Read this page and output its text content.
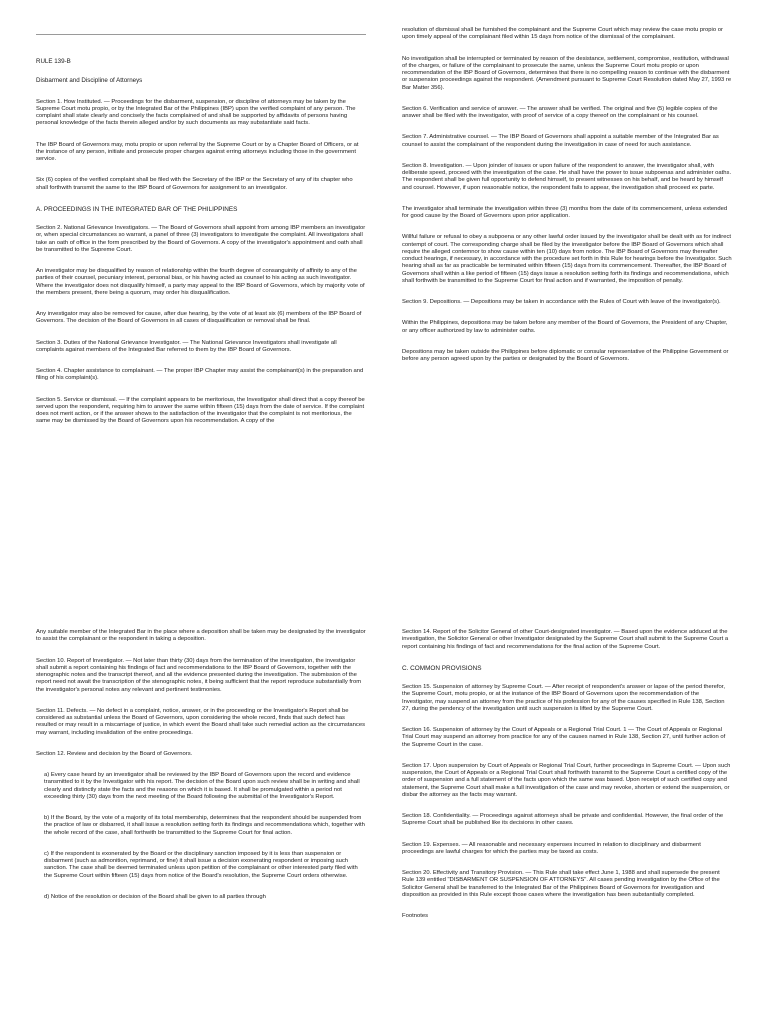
RULE 139-B

Disbarment and Discipline of Attorneys

Section 1. How Instituted. — Proceedings for the disbarment, suspension, or discipline of attorneys may be taken by the Supreme Court motu propio, or by the Integrated Bar of the Philippines (IBP) upon the verified complaint of any person. The complaint shall state clearly and concisely the facts complained of and shall be supported by affidavits of persons having personal knowledge of the facts therein alleged and/or by such documents as may substantiate said facts.

The IBP Board of Governors may, motu propio or upon referral by the Supreme Court or by a Chapter Board of Officers, or at the instance of any person, initiate and prosecute proper charges against erring attorneys including those in the government service.

Six (6) copies of the verified complaint shall be filed with the Secretary of the IBP or the Secretary of any of its chapter who shall forthwith transmit the same to the IBP Board of Governors for assignment to an investigator.

A. PROCEEDINGS IN THE INTEGRATED BAR OF THE PHILIPPINES

Section 2. National Grievance Investigators. — The Board of Governors shall appoint from among IBP members an investigator or, when special circumstances so warrant, a panel of three (3) investigators to investigate the complaint. All investigators shall take an oath of office in the form prescribed by the Board of Governors. A copy of the investigator's appointment and oath shall be transmitted to the Supreme Court.

An investigator may be disqualified by reason of relationship within the fourth degree of consanguinity of affinity to any of the parties of their counsel, pecuniary interest, personal bias, or his having acted as counsel to his acting as such investigator. Where the investigator does not disqualify himself, a party may appeal to the IBP Board of Governors, which by majority vote of the members present, there being a quorum, may order his disqualification.

Any investigator may also be removed for cause, after due hearing, by the vote of at least six (6) members of the IBP Board of Governors. The decision of the Board of Governors in all cases of disqualification or removal shall be final.

Section 3. Duties of the National Grievance Investigator. — The National Grievance Investigators shall investigate all complaints against members of the Integrated Bar referred to them by the IBP Board of Governors.

Section 4. Chapter assistance to complainant. — The proper IBP Chapter may assist the complainant(s) in the preparation and filing of his complaint(s).

Section 5. Service or dismissal. — If the complaint appears to be meritorious, the Investigator shall direct that a copy thereof be served upon the respondent, requiring him to answer the same within fifteen (15) days from the date of service. If the complaint does not merit action, or if the answer shows to the satisfaction of the investigator that the complaint is not meritorious, the same may be dismissed by the Board of Governors upon his recommendation. A copy of the

resolution of dismissal shall be furnished the complainant and the Supreme Court which may review the case motu propio or upon timely appeal of the complainant filed within 15 days from notice of the dismissal of the complainant.

No investigation shall be interrupted or terminated by reason of the desistance, settlement, compromise, restitution, withdrawal of the charges, or failure of the complainant to prosecute the same, unless the Supreme Court motu propio or upon recommendation of the IBP Board of Governors, determines that there is no compelling reason to continue with the disbarment or suspension proceedings against the respondent. (Amendment pursuant to Supreme Court Resolution dated May 27, 1993 re Bar Matter 356).

Section 6. Verification and service of answer. — The answer shall be verified. The original and five (5) legible copies of the answer shall be filed with the investigator, with proof of service of a copy thereof on the complainant or his counsel.

Section 7. Administrative counsel. — The IBP Board of Governors shall appoint a suitable member of the Integrated Bar as counsel to assist the complainant of the respondent during the investigation in case of need for such assistance.

Section 8. Investigation. — Upon joinder of issues or upon failure of the respondent to answer, the investigator shall, with deliberate speed, proceed with the investigation of the case. He shall have the power to issue subpoenas and administer oaths. The respondent shall be given full opportunity to defend himself, to present witnesses on his behalf, and be heard by himself and counsel. However, if upon reasonable notice, the respondent fails to appear, the investigation shall proceed ex parte.

The investigator shall terminate the investigation within three (3) months from the date of its commencement, unless extended for good cause by the Board of Governors upon prior application.

Willful failure or refusal to obey a subpoena or any other lawful order issued by the investigator shall be dealt with as for indirect contempt of court. The corresponding charge shall be filed by the investigator before the IBP Board of Governors which shall require the alleged contemnor to show cause within ten (10) days from notice. The IBP Board of Governors may thereafter conduct hearings, if necessary, in accordance with the procedure set forth in this Rule for hearings before the Investigator. Such hearing shall as far as practicable be terminated within fifteen (15) days from its commencement. Thereafter, the IBP Board of Governors shall within a like period of fifteen (15) days issue a resolution setting forth its findings and recommendations, which shall forthwith be transmitted to the Supreme Court for final action and if warranted, the imposition of penalty.

Section 9. Depositions. — Depositions may be taken in accordance with the Rules of Court with leave of the investigator(s).

Within the Philippines, depositions may be taken before any member of the Board of Governors, the President of any Chapter, or any officer authorized by law to administer oaths.

Depositions may be taken outside the Philippines before diplomatic or consular representative of the Philippine Government or before any person agreed upon by the parties or designated by the Board of Governors.

Any suitable member of the Integrated Bar in the place where a deposition shall be taken may be designated by the investigator to assist the complainant or the respondent in taking a deposition.

Section 10. Report of Investigator. — Not later than thirty (30) days from the termination of the investigation, the investigator shall submit a report containing his findings of fact and recommendations to the IBP Board of Governors, together with the stenographic notes and the transcript thereof, and all the evidence presented during the investigation. The submission of the report need not await the transcription of the stenographic notes, it being sufficient that the report reproduce substantially from the investigator's personal notes any relevant and pertinent testimonies.

Section 11. Defects. — No defect in a complaint, notice, answer, or in the proceeding or the Investigator's Report shall be considered as substantial unless the Board of Governors, upon considering the whole record, finds that such defect has resulted or may result in a miscarriage of justice, in which event the Board shall take such remedial action as the circumstances may warrant, including invalidation of the entire proceedings.

Section 12. Review and decision by the Board of Governors.

a) Every case heard by an investigator shall be reviewed by the IBP Board of Governors upon the record and evidence transmitted to it by the Investigator with his report. The decision of the Board upon such review shall be in writing and shall clearly and distinctly state the facts and the reasons on which it is based. It shall be promulgated within a period not exceeding thirty (30) days from the next meeting of the Board following the submittal of the Investigator's Report.

b) If the Board, by the vote of a majority of its total membership, determines that the respondent should be suspended from the practice of law or disbarred, it shall issue a resolution setting forth its findings and recommendations which, together with the whole record of the case, shall forthwith be transmitted to the Supreme Court for final action.

c) If the respondent is exonerated by the Board or the disciplinary sanction imposed by it is less than suspension or disbarment (such as admonition, reprimand, or fine) it shall issue a decision exonerating respondent or imposing such sanction. The case shall be deemed terminated unless upon petition of the complainant or other interested party filed with the Supreme Court within fifteen (15) days from notice of the Board's resolution, the Supreme Court orders otherwise.

d) Notice of the resolution or decision of the Board shall be given to all parties through

Section 14. Report of the Solicitor General of other Court-designated investigator. — Based upon the evidence adduced at the investigation, the Solicitor General or other Investigator designated by the Supreme Court shall submit to the Supreme Court a report containing his findings of fact and recommendations for the final action of the Supreme Court.

C. COMMON PROVISIONS

Section 15. Suspension of attorney by Supreme Court. — After receipt of respondent's answer or lapse of the period therefor, the Supreme Court, motu propio, or at the instance of the IBP Board of Governors upon the recommendation of the Investigator, may suspend an attorney from the practice of his profession for any of the causes specified in Rule 138, Section 27, during the pendency of the investigation until such suspension is lifted by the Supreme Court.

Section 16. Suspension of attorney by the Court of Appeals or a Regional Trial Court. 1 — The Court of Appeals or Regional Trial Court may suspend an attorney from practice for any of the causes named in Rule 138, Section 27, until further action of the Supreme Court in the case.

Section 17. Upon suspension by Court of Appeals or Regional Trial Court, further proceedings in Supreme Court. — Upon such suspension, the Court of Appeals or a Regional Trial Court shall forthwith transmit to the Supreme Court a certified copy of the order of suspension and a full statement of the facts upon which the same was based. Upon receipt of such certified copy and statement, the Supreme Court shall make a full investigation of the case and may revoke, shorten or extend the suspension, or disbar the attorney as the facts may warrant.

Section 18. Confidentiality. — Proceedings against attorneys shall be private and confidential. However, the final order of the Supreme Court shall be published like its decisions in other cases.

Section 19. Expenses. — All reasonable and necessary expenses incurred in relation to disciplinary and disbarment proceedings are lawful charges for which the parties may be taxed as costs.

Section 20. Effectivity and Transitory Provision. — This Rule shall take effect June 1, 1988 and shall supersede the present Rule 139 entitled "DISBARMENT OR SUSPENSION OF ATTORNEYS". All cases pending investigation by the Office of the Solicitor General shall be transferred to the Integrated Bar of the Philippines Board of Governors for investigation and disposition as provided in this Rule except those cases where the investigation has been substantially completed.

Footnotes
